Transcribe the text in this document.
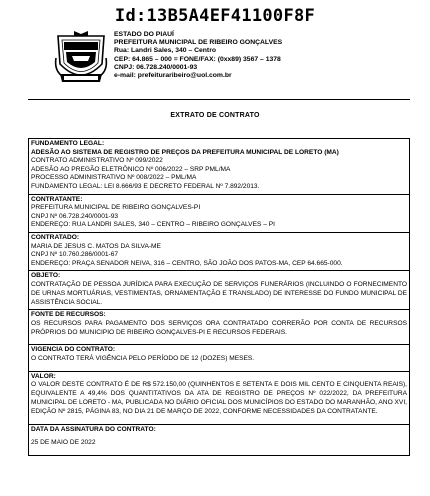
Id:13B5A4EF41100F8F
ESTADO DO PIAUÍ
PREFEITURA MUNICIPAL DE RIBEIRO GONÇALVES
Rua: Landri Sales, 340 – Centro
CEP: 64.865 – 000 = FONE/FAX: (0xx89) 3567 – 1378
CNPJ: 06.728.240/0001-93
e-mail: prefeituraribeiro@uol.com.br
EXTRATO DE CONTRATO
FUNDAMENTO LEGAL:
ADESÃO AO SISTEMA DE REGISTRO DE PREÇOS DA PREFEITURA MUNICIPAL DE LORETO (MA)
CONTRATO ADMINISTRATIVO Nº 099/2022
ADESÃO AO PREGÃO ELETRÔNICO Nº 006/2022 – SRP PML/MA
PROCESSO ADMINISTRATIVO Nº 008/2022 – PML/MA
FUNDAMENTO LEGAL: LEI 8.666/93 E DECRETO FEDERAL Nº 7.892/2013.
CONTRATANTE:
PREFEITURA MUNICIPAL DE RIBEIRO GONÇALVES-PI
CNPJ Nº 06.728.240/0001-93
ENDEREÇO: RUA LANDRI SALES, 340 – CENTRO – RIBEIRO GONÇALVES – PI
CONTRATADO:
MARIA DE JESUS C. MATOS DA SILVA-ME
CNPJ Nº 10.760.286/0001-67
ENDEREÇO: PRAÇA SENADOR NEIVA, 316 – CENTRO, SÃO JOÃO DOS PATOS-MA, CEP 64.665-000.
OBJETO:
CONTRATAÇÃO DE PESSOA JURÍDICA PARA EXECUÇÃO DE SERVIÇOS FUNERÁRIOS (INCLUINDO O FORNECIMENTO DE URNAS MORTUÁRIAS, VESTIMENTAS, ORNAMENTAÇÃO E TRANSLADO) DE INTERESSE DO FUNDO MUNICIPAL DE ASSISTÊNCIA SOCIAL.
FONTE DE RECURSOS:
OS RECURSOS PARA PAGAMENTO DOS SERVIÇOS ORA CONTRATADO CORRERÃO POR CONTA DE RECURSOS PRÓPRIOS DO MUNICIPIO DE RIBEIRO GONÇALVES-PI E RECURSOS FEDERAIS.
VIGENCIA DO CONTRATO:
O CONTRATO TERÁ VIGÊNCIA PELO PERÍODO DE 12 (DOZES) MESES.
VALOR:
O VALOR DESTE CONTRATO É DE R$ 572.150,00 (QUINHENTOS E SETENTA E DOIS MIL CENTO E CINQUENTA REAIS), EQUIVALENTE A 49,4% DOS QUANTITATIVOS DA ATA DE REGISTRO DE PREÇOS Nº 022/2022, DA PREFEITURA MUNICIPAL DE LORETO - MA, PUBLICADA NO DIÁRIO OFICIAL DOS MUNICÍPIOS DO ESTADO DO MARANHÃO, ANO XVI, EDIÇÃO Nº 2815, PÁGINA 83, NO DIA 21 DE MARÇO DE 2022, CONFORME NECESSIDADES DA CONTRATANTE.
DATA DA ASSINATURA DO CONTRATO:
25 DE MAIO DE 2022
